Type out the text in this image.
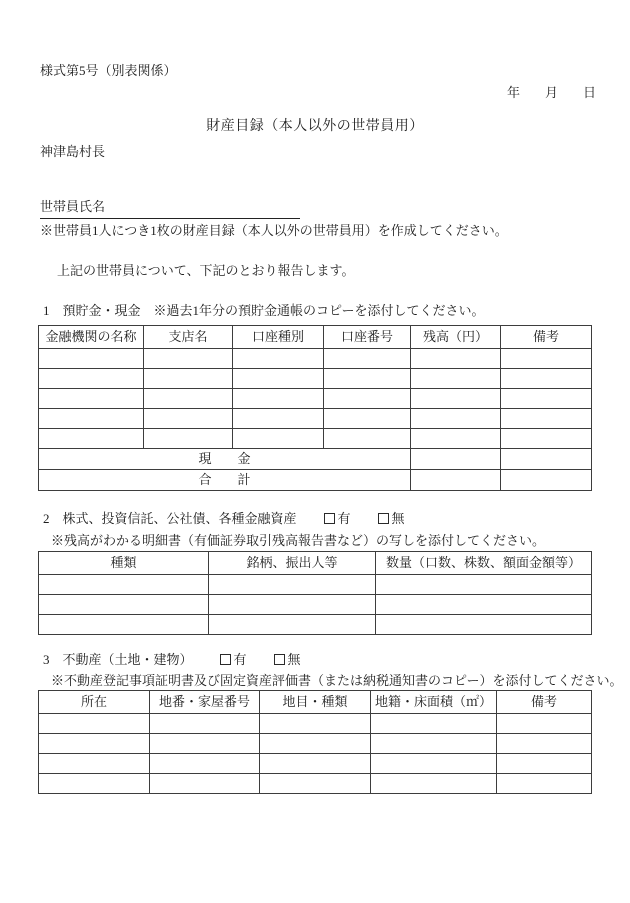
様式第5号（別表関係）
年 月 日
財産目録（本人以外の世帯員用）
神津島村長
世帯員氏名
※世帯員1人につき1枚の財産目録（本人以外の世帯員用）を作成してください。
上記の世帯員について、下記のとおり報告します。
1 預貯金・現金 ※過去1年分の預貯金通帳のコピーを添付してください。
金融機関の名称	支店名	口座種別	口座番号	残高（円）	備考

現　　金					
合　　計					
2 株式、投資信託、公社債、各種金融資産	有	無
※残高がわかる明細書（有価証券取引残高報告書など）の写しを添付してください。
種類	銘柄、振出人等	数量（口数、株数、額面金額等）

3 不動産（土地・建物）	有	無
※不動産登記事項証明書及び固定資産評価書（または納税通知書のコピー）を添付してください。
所在	地番・家屋番号	地目・種類	地籍・床面積（㎡）	備考
